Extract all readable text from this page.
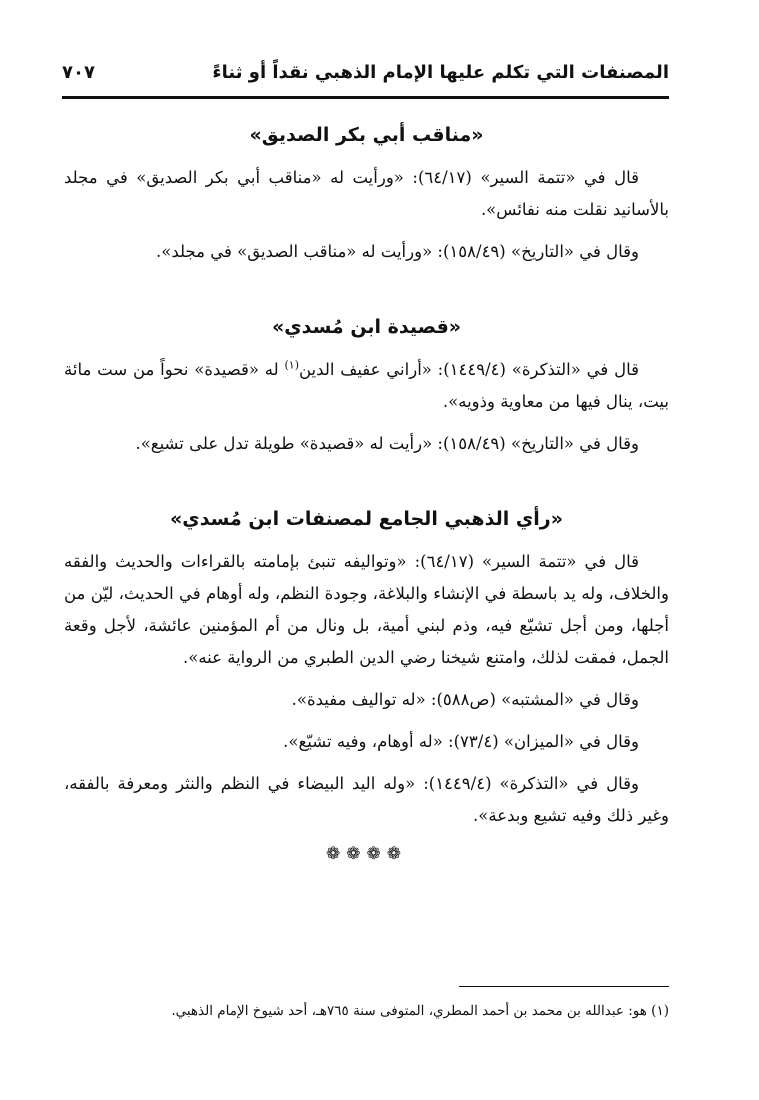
المصنفات التي تكلم عليها الإمام الذهبي نقداً أو ثناءً
٧٠٧
«مناقب أبي بكر الصديق»

قال في «تتمة السير» (٦٤/١٧): «ورأيت له «مناقب أبي بكر الصديق» في مجلد بالأسانيد نقلت منه نفائس».

وقال في «التاريخ» (١٥٨/٤٩): «ورأيت له «مناقب الصديق» في مجلد».

«قصيدة ابن مُسدي»

قال في «التذكرة» (١٤٤٩/٤): «أراني عفيف الدين$^{(١)}$ له «قصيدة» نحواً من ست مائة بيت، ينال فيها من معاوية وذويه».

وقال في «التاريخ» (١٥٨/٤٩): «رأيت له «قصيدة» طويلة تدل على تشيع».

«رأي الذهبي الجامع لمصنفات ابن مُسدي»

قال في «تتمة السير» (٦٤/١٧): «وتواليفه تنبئ بإمامته بالقراءات والحديث والفقه والخلاف، وله يد باسطة في الإنشاء والبلاغة، وجودة النظم، وله أوهام في الحديث، ليّن من أجلها، ومن أجل تشيّع فيه، وذم لبني أمية، بل ونال من أم المؤمنين عائشة، لأجل وقعة الجمل، فمقت لذلك، وامتنع شيخنا رضي الدين الطبري من الرواية عنه».

وقال في «المشتبه» (ص٥٨٨): «له تواليف مفيدة».

وقال في «الميزان» (٧٣/٤): «له أوهام، وفيه تشيّع».

وقال في «التذكرة» (١٤٤٩/٤): «وله اليد البيضاء في النظم والنثر ومعرفة بالفقه، وغير ذلك وفيه تشيع وبدعة».

❁❁❁❁
(١) هو: عبدالله بن محمد بن أحمد المطري، المتوفى سنة ٧٦٥هـ، أحد شيوخ الإمام الذهبي.
